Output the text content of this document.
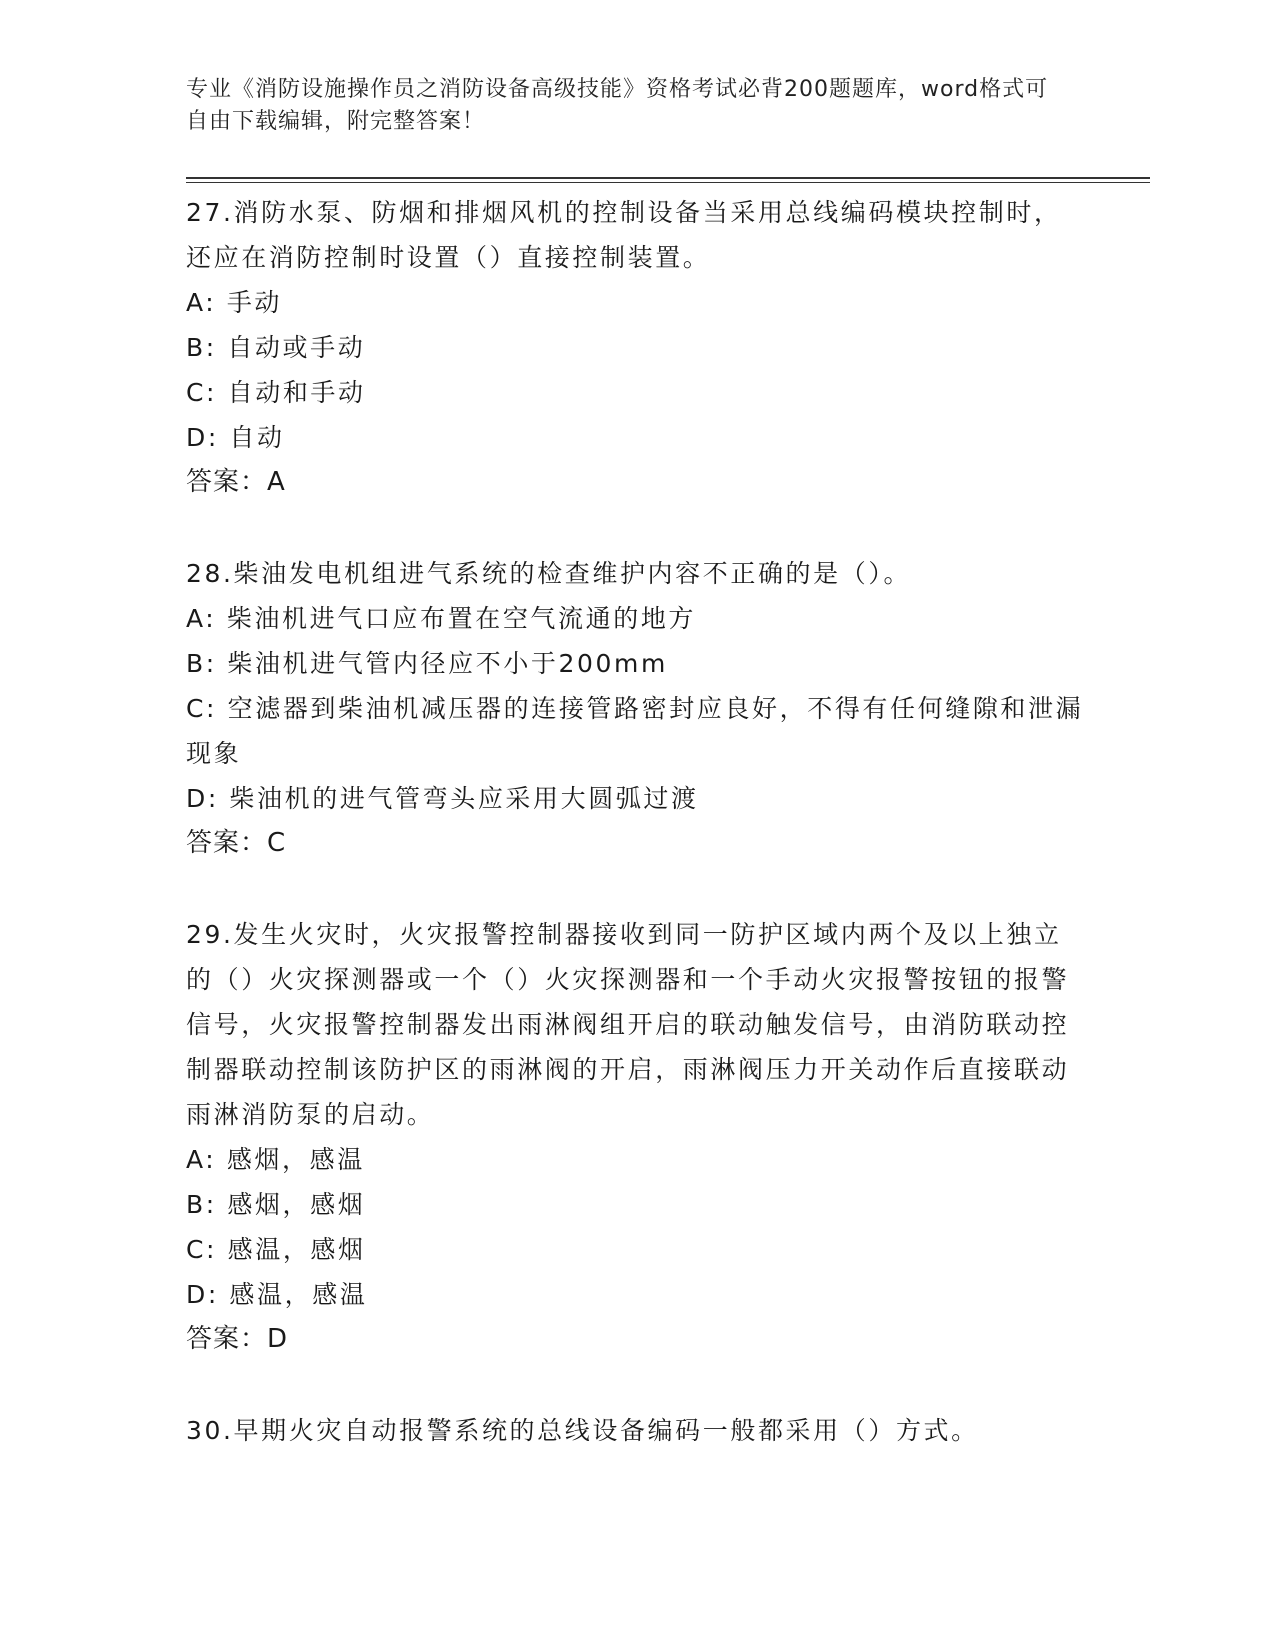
专业《消防设施操作员之消防设备高级技能》资格考试必背200题题库，word格式可自由下载编辑，附完整答案！

27.消防水泵、防烟和排烟风机的控制设备当采用总线编码模块控制时，还应在消防控制时设置（）直接控制装置。

A: 手动

B: 自动或手动

C: 自动和手动

D: 自动

答案：A

28.柴油发电机组进气系统的检查维护内容不正确的是（）。

A: 柴油机进气口应布置在空气流通的地方

B: 柴油机进气管内径应不小于200mm

C: 空滤器到柴油机减压器的连接管路密封应良好，不得有任何缝隙和泄漏现象

D: 柴油机的进气管弯头应采用大圆弧过渡

答案：C

29.发生火灾时，火灾报警控制器接收到同一防护区域内两个及以上独立的（）火灾探测器或一个（）火灾探测器和一个手动火灾报警按钮的报警信号，火灾报警控制器发出雨淋阀组开启的联动触发信号，由消防联动控制器联动控制该防护区的雨淋阀的开启，雨淋阀压力开关动作后直接联动雨淋消防泵的启动。

A: 感烟，感温

B: 感烟，感烟

C: 感温，感烟

D: 感温，感温

答案：D

30.早期火灾自动报警系统的总线设备编码一般都采用（）方式。
